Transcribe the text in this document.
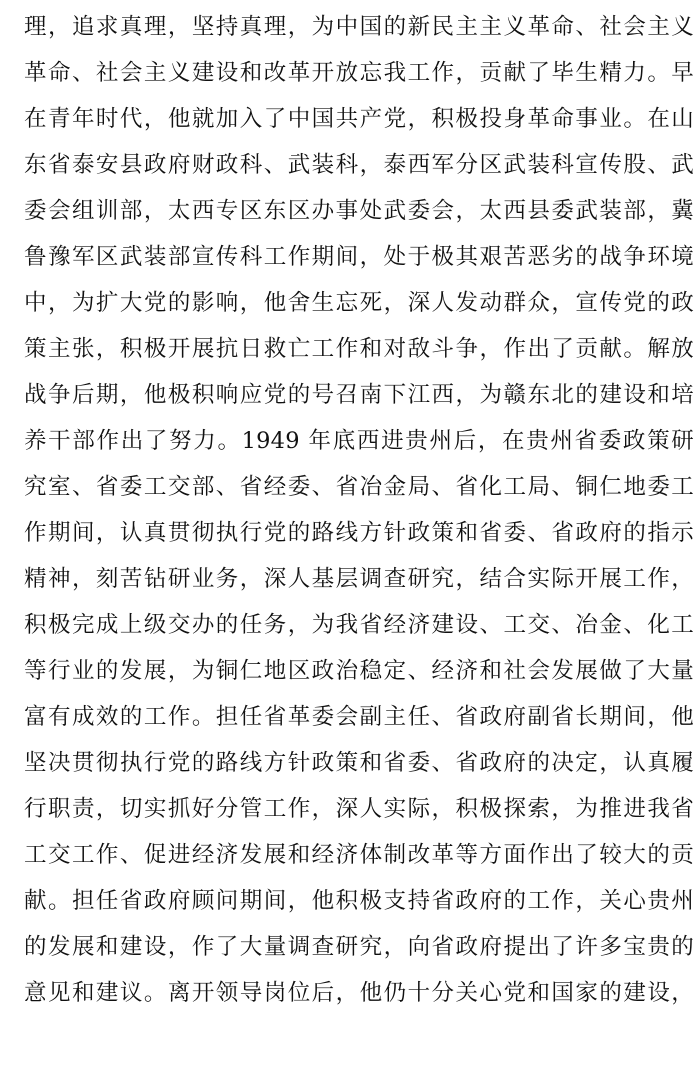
理，追求真理，坚持真理，为中国的新民主主义革命、社会主义
革命、社会主义建设和改革开放忘我工作，贡献了毕生精力。早
在青年时代，他就加入了中国共产党，积极投身革命事业。在山
东省泰安县政府财政科、武装科，泰西军分区武装科宣传股、武
委会组训部，太西专区东区办事处武委会，太西县委武装部，冀
鲁豫军区武装部宣传科工作期间，处于极其艰苦恶劣的战争环境
中，为扩大党的影响，他舍生忘死，深人发动群众，宣传党的政
策主张，积极开展抗日救亡工作和对敌斗争，作出了贡献。解放
战争后期，他极积响应党的号召南下江西，为赣东北的建设和培
养干部作出了努力。1949 年底西进贵州后，在贵州省委政策研
究室、省委工交部、省经委、省冶金局、省化工局、铜仁地委工
作期间，认真贯彻执行党的路线方针政策和省委、省政府的指示
精神，刻苦钻研业务，深人基层调查研究，结合实际开展工作，
积极完成上级交办的任务，为我省经济建设、工交、冶金、化工
等行业的发展，为铜仁地区政治稳定、经济和社会发展做了大量
富有成效的工作。担任省革委会副主任、省政府副省长期间，他
坚决贯彻执行党的路线方针政策和省委、省政府的决定，认真履
行职责，切实抓好分管工作，深人实际，积极探索，为推进我省
工交工作、促进经济发展和经济体制改革等方面作出了较大的贡
献。担任省政府顾问期间，他积极支持省政府的工作，关心贵州
的发展和建设，作了大量调查研究，向省政府提出了许多宝贵的
意见和建议。离开领导岗位后，他仍十分关心党和国家的建设，
